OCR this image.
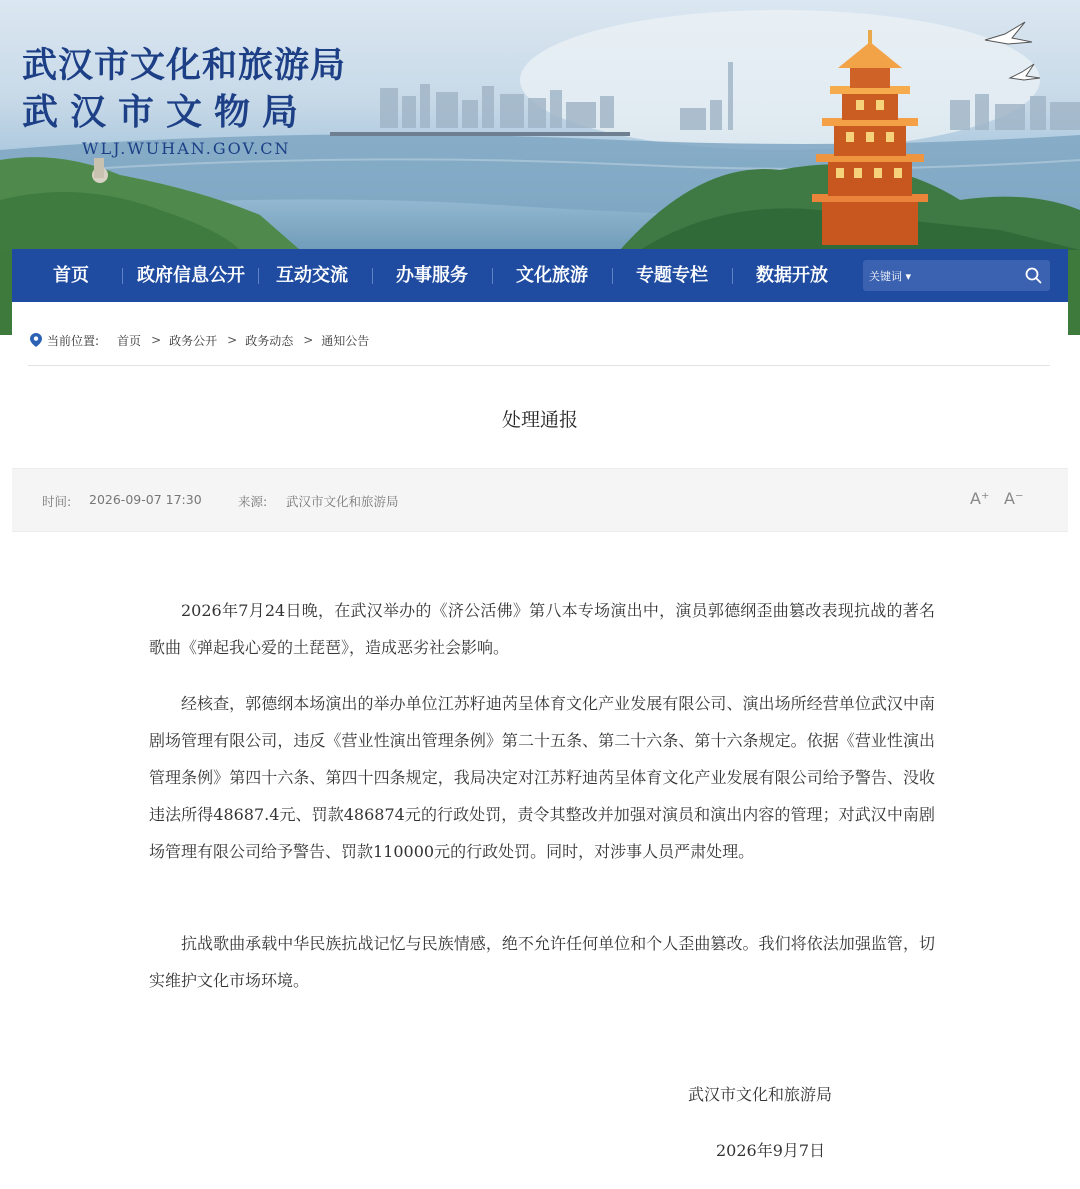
武汉市文化和旅游局
武汉市文物局
WLJ.WUHAN.GOV.CN
首页	政府信息公开	互动交流	办事服务	文化旅游	专题专栏	数据开放	关键词 ▾
当前位置: 首页 > 政务公开 > 政务动态 > 通知公告
处理通报
时间: 2026-09-07 17:30	来源: 武汉市文化和旅游局	A⁺ A⁻

2026年7月24日晚，在武汉举办的《济公活佛》第八本专场演出中，演员郭德纲歪曲篡改表现抗战的著名歌曲《弹起我心爱的土琵琶》，造成恶劣社会影响。

经核查，郭德纲本场演出的举办单位江苏籽迪芮呈体育文化产业发展有限公司、演出场所经营单位武汉中南剧场管理有限公司，违反《营业性演出管理条例》第二十五条、第二十六条、第十六条规定。依据《营业性演出管理条例》第四十六条、第四十四条规定，我局决定对江苏籽迪芮呈体育文化产业发展有限公司给予警告、没收违法所得48687.4元、罚款486874元的行政处罚，责令其整改并加强对演员和演出内容的管理；对武汉中南剧场管理有限公司给予警告、罚款110000元的行政处罚。同时，对涉事人员严肃处理。

抗战歌曲承载中华民族抗战记忆与民族情感，绝不允许任何单位和个人歪曲篡改。我们将依法加强监管，切实维护文化市场环境。

武汉市文化和旅游局
2026年9月7日
